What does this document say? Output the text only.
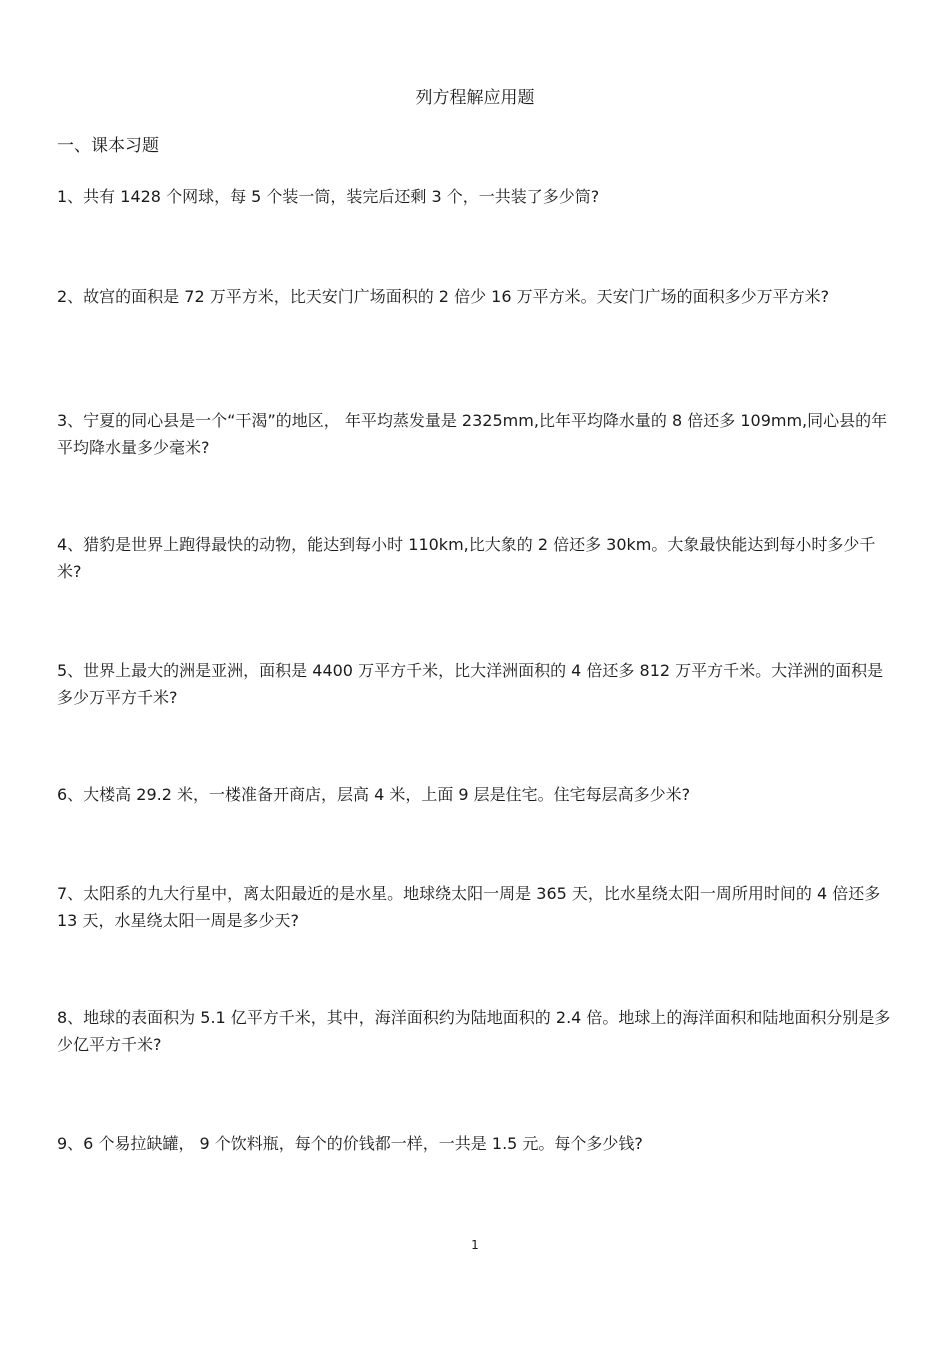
列方程解应用题
一、课本习题
1、共有 1428 个网球，每 5 个装一筒，装完后还剩 3 个，一共装了多少筒?
2、故宫的面积是 72 万平方米，比天安门广场面积的 2 倍少 16 万平方米。天安门广场的面积多少万平方米?
3、宁夏的同心县是一个“干渴”的地区， 年平均蒸发量是 2325mm,比年平均降水量的 8 倍还多 109mm,同心县的年平均降水量多少毫米?
4、猎豹是世界上跑得最快的动物，能达到每小时 110km,比大象的 2 倍还多 30km。大象最快能达到每小时多少千米?
5、世界上最大的洲是亚洲，面积是 4400 万平方千米，比大洋洲面积的 4 倍还多 812 万平方千米。大洋洲的面积是多少万平方千米?
6、大楼高 29.2 米，一楼准备开商店，层高 4 米，上面 9 层是住宅。住宅每层高多少米?
7、太阳系的九大行星中，离太阳最近的是水星。地球绕太阳一周是 365 天，比水星绕太阳一周所用时间的 4 倍还多 13 天，水星绕太阳一周是多少天?
8、地球的表面积为 5.1 亿平方千米，其中，海洋面积约为陆地面积的 2.4 倍。地球上的海洋面积和陆地面积分别是多少亿平方千米?
9、6 个易拉缺罐， 9 个饮料瓶，每个的价钱都一样，一共是 1.5 元。每个多少钱?
1
